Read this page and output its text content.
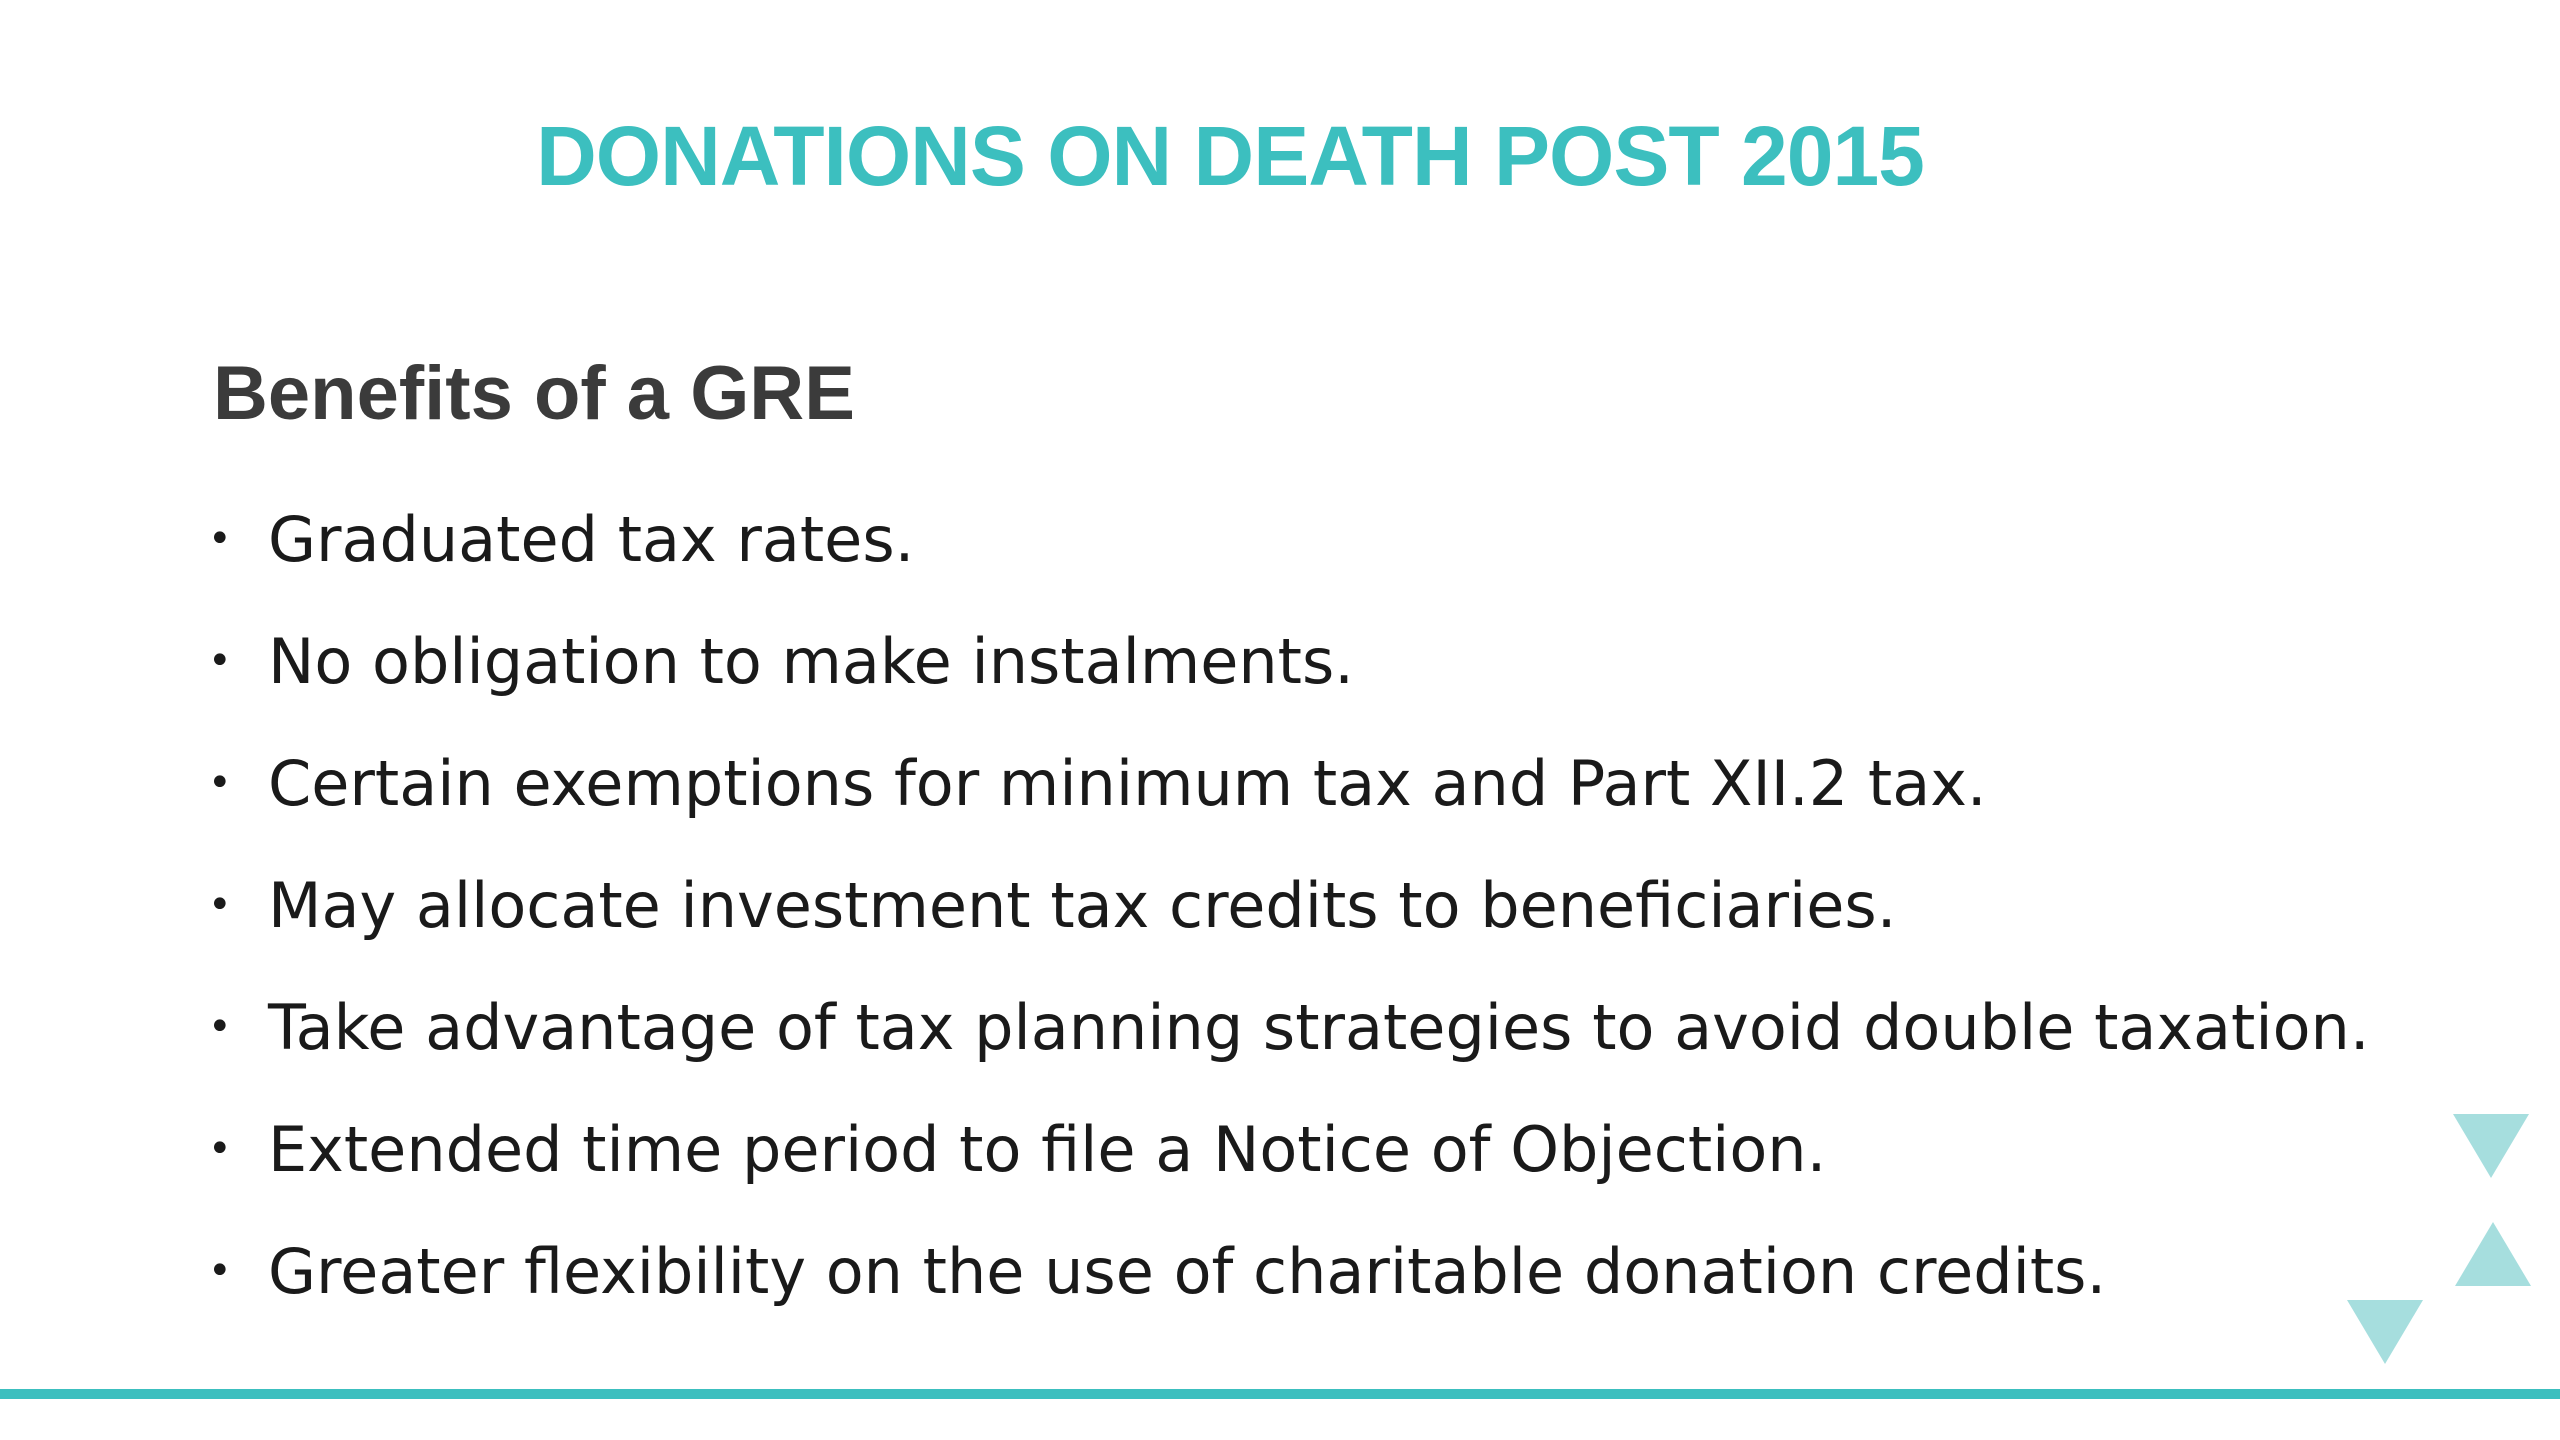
DONATIONS ON DEATH POST 2015
Benefits of a GRE
• Graduated tax rates.
• No obligation to make instalments.
• Certain exemptions for minimum tax and Part XII.2 tax.
• May allocate investment tax credits to beneficiaries.
• Take advantage of tax planning strategies to avoid double taxation.
• Extended time period to file a Notice of Objection.
• Greater flexibility on the use of charitable donation credits.
